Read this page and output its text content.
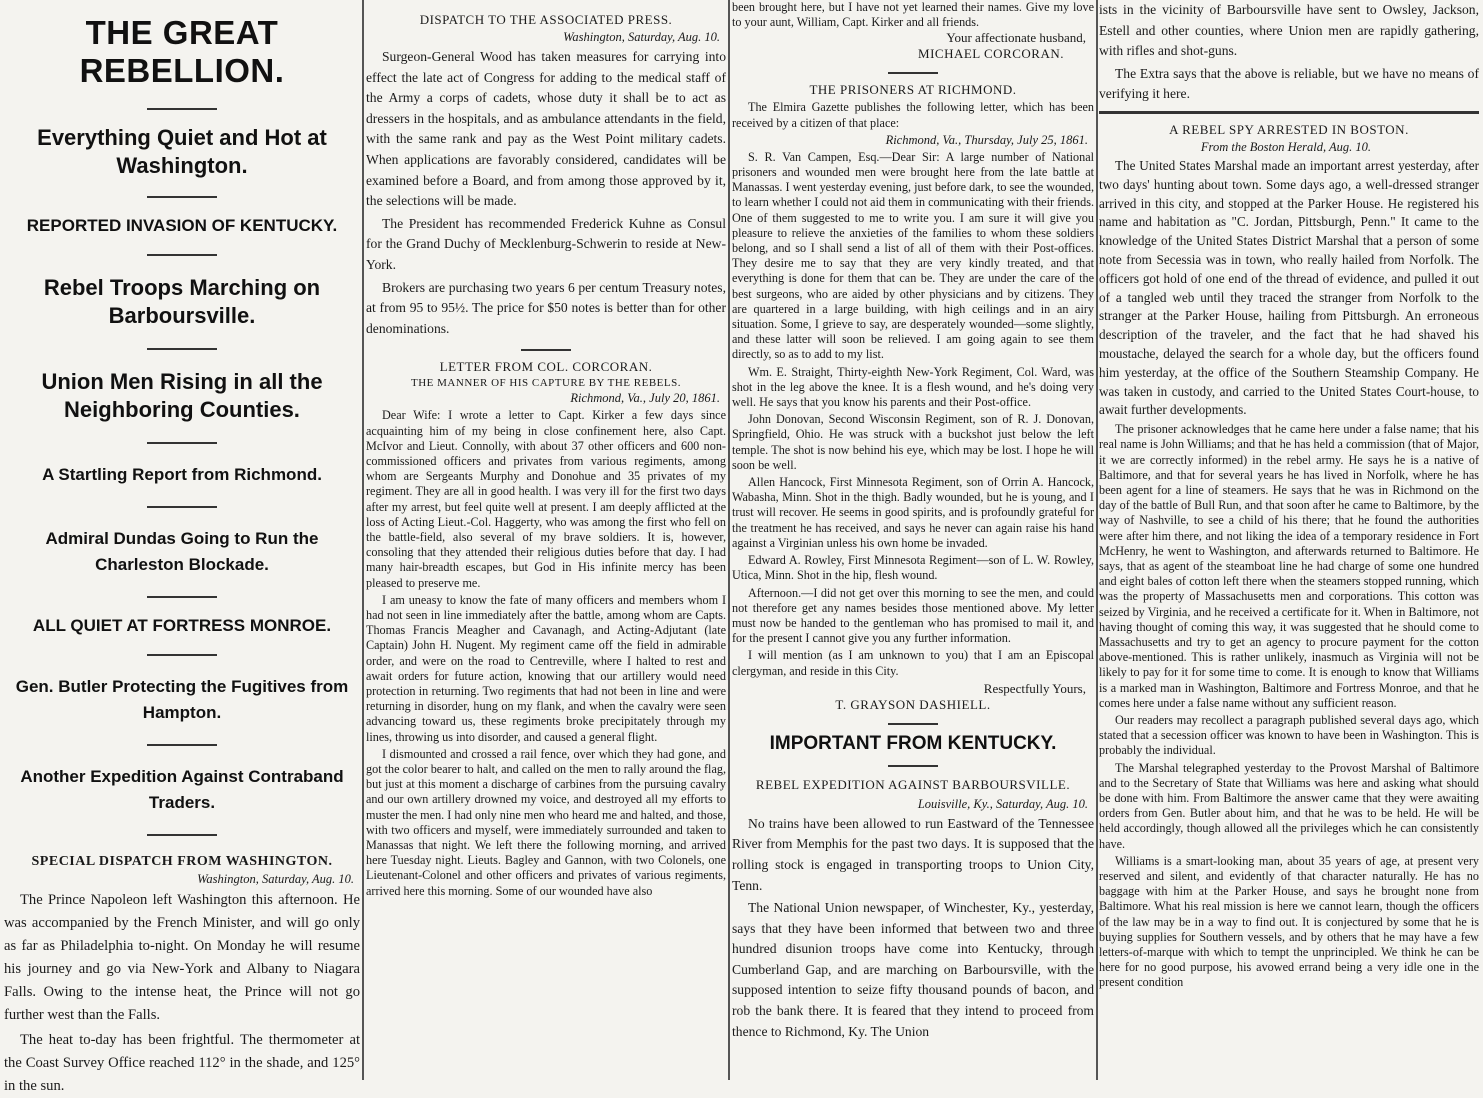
THE GREAT REBELLION.
Everything Quiet and Hot at Washington.
REPORTED INVASION OF KENTUCKY.
Rebel Troops Marching on Barboursville.
Union Men Rising in all the Neighboring Counties.
A Startling Report from Richmond.
Admiral Dundas Going to Run the Charleston Blockade.
ALL QUIET AT FORTRESS MONROE.
Gen. Butler Protecting the Fugitives from Hampton.
Another Expedition Against Contraband Traders.
SPECIAL DISPATCH FROM WASHINGTON.
Washington, Saturday, Aug. 10.

The Prince Napoleon left Washington this afternoon. He was accompanied by the French Minister, and will go only as far as Philadelphia to-night. On Monday he will resume his journey and go via New-York and Albany to Niagara Falls. Owing to the intense heat, the Prince will not go further west than the Falls.

The heat to-day has been frightful. The thermometer at the Coast Survey Office reached 112° in the shade, and 125° in the sun.

DISPATCH TO THE ASSOCIATED PRESS.
Washington, Saturday, Aug. 10.

Surgeon-General Wood has taken measures for carrying into effect the late act of Congress for adding to the medical staff of the Army a corps of cadets, whose duty it shall be to act as dressers in the hospitals, and as ambulance attendants in the field, with the same rank and pay as the West Point military cadets. When applications are favorably considered, candidates will be examined before a Board, and from among those approved by it, the selections will be made.

The President has recommended Frederick Kuhne as Consul for the Grand Duchy of Mecklenburg-Schwerin to reside at New-York.

Brokers are purchasing two years 6 per centum Treasury notes, at from 95 to 95½. The price for $50 notes is better than for other denominations.

LETTER FROM COL. CORCORAN.
THE MANNER OF HIS CAPTURE BY THE REBELS.
Richmond, Va., July 20, 1861.

Dear Wife: I wrote a letter to Capt. Kirker a few days since acquainting him of my being in close confinement here, also Capt. McIvor and Lieut. Connolly, with about 37 other officers and 600 non-commissioned officers and privates from various regiments, among whom are Sergeants Murphy and Donohue and 35 privates of my regiment. They are all in good health. I was very ill for the first two days after my arrest, but feel quite well at present. I am deeply afflicted at the loss of Acting Lieut.-Col. Haggerty, who was among the first who fell on the battle-field, also several of my brave soldiers. It is, however, consoling that they attended their religious duties before that day. I had many hair-breadth escapes, but God in His infinite mercy has been pleased to preserve me.

I am uneasy to know the fate of many officers and members whom I had not seen in line immediately after the battle, among whom are Capts. Thomas Francis Meagher and Cavanagh, and Acting-Adjutant (late Captain) John H. Nugent. My regiment came off the field in admirable order, and were on the road to Centreville, where I halted to rest and await orders for future action, knowing that our artillery would need protection in returning. Two regiments that had not been in line and were returning in disorder, hung on my flank, and when the cavalry were seen advancing toward us, these regiments broke precipitately through my lines, throwing us into disorder, and caused a general flight.

I dismounted and crossed a rail fence, over which they had gone, and got the color bearer to halt, and called on the men to rally around the flag, but just at this moment a discharge of carbines from the pursuing cavalry and our own artillery drowned my voice, and destroyed all my efforts to muster the men. I had only nine men who heard me and halted, and those, with two officers and myself, were immediately surrounded and taken to Manassas that night. We left there the following morning, and arrived here Tuesday night. Lieuts. Bagley and Gannon, with two Colonels, one Lieutenant-Colonel and other officers and privates of various regiments, arrived here this morning. Some of our wounded have also

been brought here, but I have not yet learned their names. Give my love to your aunt, William, Capt. Kirker and all friends.

Your affectionate husband,
MICHAEL CORCORAN.
THE PRISONERS AT RICHMOND.

The Elmira Gazette publishes the following letter, which has been received by a citizen of that place:

Richmond, Va., Thursday, July 25, 1861.

S. R. Van Campen, Esq.—Dear Sir: A large number of National prisoners and wounded men were brought here from the late battle at Manassas. I went yesterday evening, just before dark, to see the wounded, to learn whether I could not aid them in communicating with their friends. One of them suggested to me to write you. I am sure it will give you pleasure to relieve the anxieties of the families to whom these soldiers belong, and so I shall send a list of all of them with their Post-offices. They desire me to say that they are very kindly treated, and that everything is done for them that can be. They are under the care of the best surgeons, who are aided by other physicians and by citizens. They are quartered in a large building, with high ceilings and in an airy situation. Some, I grieve to say, are desperately wounded—some slightly, and these latter will soon be relieved. I am going again to see them directly, so as to add to my list.

Wm. E. Straight, Thirty-eighth New-York Regiment, Col. Ward, was shot in the leg above the knee. It is a flesh wound, and he's doing very well. He says that you know his parents and their Post-office.

John Donovan, Second Wisconsin Regiment, son of R. J. Donovan, Springfield, Ohio. He was struck with a buckshot just below the left temple. The shot is now behind his eye, which may be lost. I hope he will soon be well.

Allen Hancock, First Minnesota Regiment, son of Orrin A. Hancock, Wabasha, Minn. Shot in the thigh. Badly wounded, but he is young, and I trust will recover. He seems in good spirits, and is profoundly grateful for the treatment he has received, and says he never can again raise his hand against a Virginian unless his own home be invaded.

Edward A. Rowley, First Minnesota Regiment—son of L. W. Rowley, Utica, Minn. Shot in the hip, flesh wound.

Afternoon.—I did not get over this morning to see the men, and could not therefore get any names besides those mentioned above. My letter must now be handed to the gentleman who has promised to mail it, and for the present I cannot give you any further information.

I will mention (as I am unknown to you) that I am an Episcopal clergyman, and reside in this City.

Respectfully Yours,
T. GRAYSON DASHIELL.
IMPORTANT FROM KENTUCKY.
REBEL EXPEDITION AGAINST BARBOURSVILLE.
Louisville, Ky., Saturday, Aug. 10.

No trains have been allowed to run Eastward of the Tennessee River from Memphis for the past two days. It is supposed that the rolling stock is engaged in transporting troops to Union City, Tenn.

The National Union newspaper, of Winchester, Ky., yesterday, says that they have been informed that between two and three hundred disunion troops have come into Kentucky, through Cumberland Gap, and are marching on Barboursville, with the supposed intention to seize fifty thousand pounds of bacon, and rob the bank there. It is feared that they intend to proceed from thence to Richmond, Ky. The Union

ists in the vicinity of Barboursville have sent to Owsley, Jackson, Estell and other counties, where Union men are rapidly gathering, with rifles and shot-guns.

The Extra says that the above is reliable, but we have no means of verifying it here.

A REBEL SPY ARRESTED IN BOSTON.
From the Boston Herald, Aug. 10.

The United States Marshal made an important arrest yesterday, after two days' hunting about town. Some days ago, a well-dressed stranger arrived in this city, and stopped at the Parker House. He registered his name and habitation as "C. Jordan, Pittsburgh, Penn." It came to the knowledge of the United States District Marshal that a person of some note from Secessia was in town, who really hailed from Norfolk. The officers got hold of one end of the thread of evidence, and pulled it out of a tangled web until they traced the stranger from Norfolk to the stranger at the Parker House, hailing from Pittsburgh. An erroneous description of the traveler, and the fact that he had shaved his moustache, delayed the search for a whole day, but the officers found him yesterday, at the office of the Southern Steamship Company. He was taken in custody, and carried to the United States Court-house, to await further developments.

The prisoner acknowledges that he came here under a false name; that his real name is John Williams; and that he has held a commission (that of Major, it we are correctly informed) in the rebel army. He says he is a native of Baltimore, and that for several years he has lived in Norfolk, where he has been agent for a line of steamers. He says that he was in Richmond on the day of the battle of Bull Run, and that soon after he came to Baltimore, by the way of Nashville, to see a child of his there; that he found the authorities were after him there, and not liking the idea of a temporary residence in Fort McHenry, he went to Washington, and afterwards returned to Baltimore. He says, that as agent of the steamboat line he had charge of some one hundred and eight bales of cotton left there when the steamers stopped running, which was the property of Massachusetts men and corporations. This cotton was seized by Virginia, and he received a certificate for it. When in Baltimore, not having thought of coming this way, it was suggested that he should come to Massachusetts and try to get an agency to procure payment for the cotton above-mentioned. This is rather unlikely, inasmuch as Virginia will not be likely to pay for it for some time to come. It is enough to know that Williams is a marked man in Washington, Baltimore and Fortress Monroe, and that he comes here under a false name without any sufficient reason.

Our readers may recollect a paragraph published several days ago, which stated that a secession officer was known to have been in Washington. This is probably the individual.

The Marshal telegraphed yesterday to the Provost Marshal of Baltimore and to the Secretary of State that Williams was here and asking what should be done with him. From Baltimore the answer came that they were awaiting orders from Gen. Butler about him, and that he was to be held. He will be held accordingly, though allowed all the privileges which he can consistently have.

Williams is a smart-looking man, about 35 years of age, at present very reserved and silent, and evidently of that character naturally. He has no baggage with him at the Parker House, and says he brought none from Baltimore. What his real mission is here we cannot learn, though the officers of the law may be in a way to find out. It is conjectured by some that he is buying supplies for Southern vessels, and by others that he may have a few letters-of-marque with which to tempt the unprincipled. We think he can be here for no good purpose, his avowed errand being a very idle one in the present condition
